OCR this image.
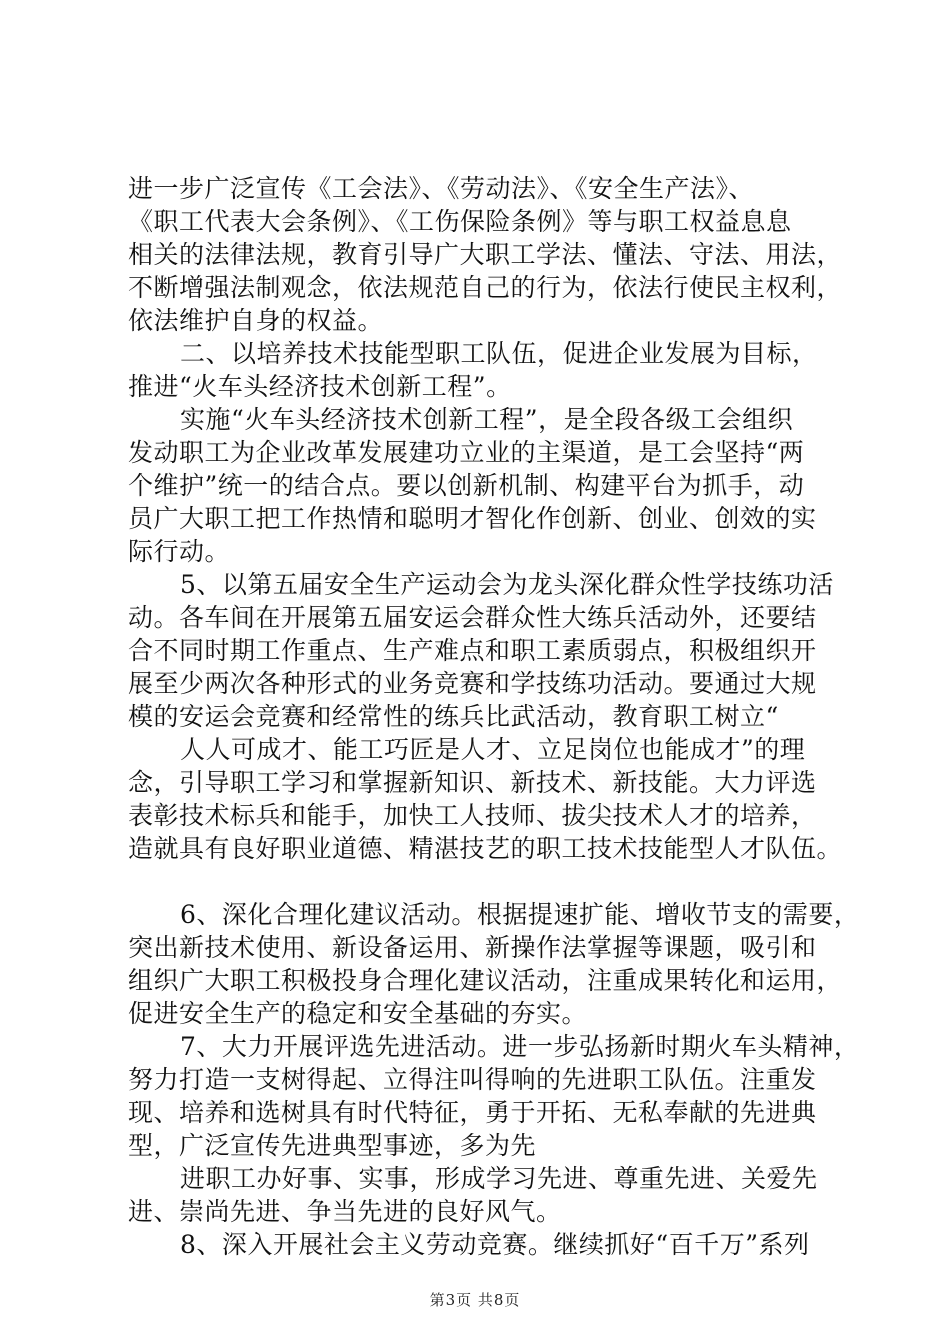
进一步广泛宣传《工会法》、《劳动法》、《安全生产法》、
《职工代表大会条例》、《工伤保险条例》等与职工权益息息
相关的法律法规，教育引导广大职工学法、懂法、守法、用法，
不断增强法制观念，依法规范自己的行为，依法行使民主权利，
依法维护自身的权益。
二、以培养技术技能型职工队伍，促进企业发展为目标，
推进“火车头经济技术创新工程”。
实施“火车头经济技术创新工程”，是全段各级工会组织
发动职工为企业改革发展建功立业的主渠道，是工会坚持“两
个维护”统一的结合点。要以创新机制、构建平台为抓手，动
员广大职工把工作热情和聪明才智化作创新、创业、创效的实
际行动。
5、以第五届安全生产运动会为龙头深化群众性学技练功活
动。各车间在开展第五届安运会群众性大练兵活动外，还要结
合不同时期工作重点、生产难点和职工素质弱点，积极组织开
展至少两次各种形式的业务竞赛和学技练功活动。要通过大规
模的安运会竞赛和经常性的练兵比武活动，教育职工树立“
人人可成才、能工巧匠是人才、立足岗位也能成才”的理
念，引导职工学习和掌握新知识、新技术、新技能。大力评选
表彰技术标兵和能手，加快工人技师、拔尖技术人才的培养，
造就具有良好职业道德、精湛技艺的职工技术技能型人才队伍。
6、深化合理化建议活动。根据提速扩能、增收节支的需要，
突出新技术使用、新设备运用、新操作法掌握等课题，吸引和
组织广大职工积极投身合理化建议活动，注重成果转化和运用，
促进安全生产的稳定和安全基础的夯实。
7、大力开展评选先进活动。进一步弘扬新时期火车头精神，
努力打造一支树得起、立得注叫得响的先进职工队伍。注重发
现、培养和选树具有时代特征，勇于开拓、无私奉献的先进典
型，广泛宣传先进典型事迹，多为先
进职工办好事、实事，形成学习先进、尊重先进、关爱先
进、崇尚先进、争当先进的良好风气。
8、深入开展社会主义劳动竞赛。继续抓好“百千万”系列
第3页 共8页
